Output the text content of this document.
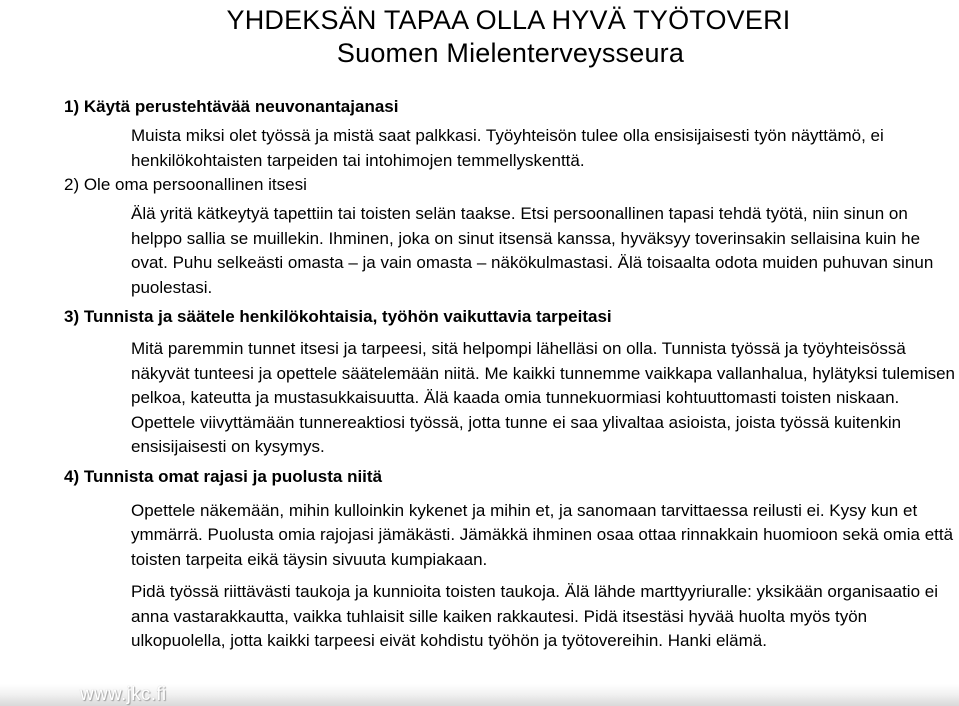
YHDEKSÄN TAPAA OLLA HYVÄ TYÖTOVERI
Suomen Mielenterveysseura
1) Käytä perustehtävää neuvonantajanasi
Muista miksi olet työssä ja mistä saat palkkasi. Työyhteisön tulee olla ensisijaisesti työn näyttämö, ei henkilökohtaisten tarpeiden tai intohimojen temmellyskenttä.
2) Ole oma persoonallinen itsesi
Älä yritä kätkeytyä tapettiin tai toisten selän taakse. Etsi persoonallinen tapasi tehdä työtä, niin sinun on helppo sallia se muillekin. Ihminen, joka on sinut itsensä kanssa, hyväksyy toverinsakin sellaisina kuin he ovat. Puhu selkeästi omasta – ja vain omasta – näkökulmastasi. Älä toisaalta odota muiden puhuvan sinun puolestasi.
3) Tunnista ja säätele henkilökohtaisia, työhön vaikuttavia tarpeitasi
Mitä paremmin tunnet itsesi ja tarpeesi, sitä helpompi lähelläsi on olla. Tunnista työssä ja työyhteisössä näkyvät tunteesi ja opettele säätelemään niitä. Me kaikki tunnemme vaikkapa vallanhalua, hylätyksi tulemisen pelkoa, kateutta ja mustasukkaisuutta. Älä kaada omia tunnekuormiasi kohtuuttomasti toisten niskaan. Opettele viivyttämään tunnereaktiosi työssä, jotta tunne ei saa ylivaltaa asioista, joista työssä kuitenkin ensisijaisesti on kysymys.
4) Tunnista omat rajasi ja puolusta niitä
Opettele näkemään, mihin kulloinkin kykenet ja mihin et, ja sanomaan tarvittaessa reilusti ei. Kysy kun et ymmärrä. Puolusta omia rajojasi jämäkästi. Jämäkkä ihminen osaa ottaa rinnakkain huomioon sekä omia että toisten tarpeita eikä täysin sivuuta kumpiakaan.
Pidä työssä riittävästi taukoja ja kunnioita toisten taukoja. Älä lähde marttyyriuralle: yksikään organisaatio ei anna vastarakkautta, vaikka tuhlaisit sille kaiken rakkautesi. Pidä itsestäsi hyvää huolta myös työn ulkopuolella, jotta kaikki tarpeesi eivät kohdistu työhön ja työtovereihin. Hanki elämä.
www.jkc.fi
